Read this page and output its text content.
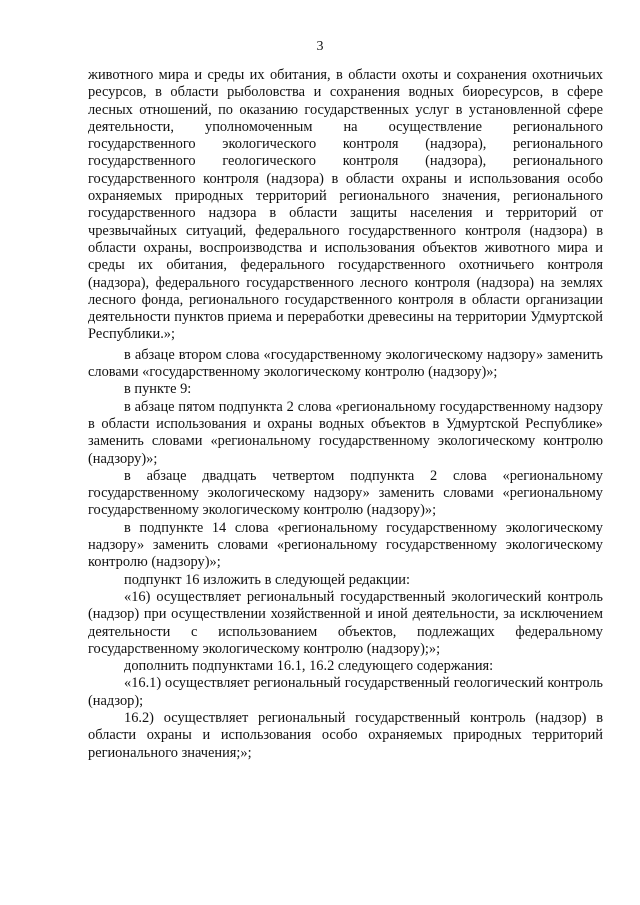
3

животного мира и среды их обитания, в области охоты и сохранения охотничьих ресурсов, в области рыболовства и сохранения водных биоресурсов, в сфере лесных отношений, по оказанию государственных услуг в установленной сфере деятельности, уполномоченным на осуществление регионального государственного экологического контроля (надзора), регионального государственного геологического контроля (надзора), регионального государственного контроля (надзора) в области охраны и использования особо охраняемых природных территорий регионального значения, регионального государственного надзора в области защиты населения и территорий от чрезвычайных ситуаций, федерального государственного контроля (надзора) в области охраны, воспроизводства и использования объектов животного мира и среды их обитания, федерального государственного охотничьего контроля (надзора), федерального государственного лесного контроля (надзора) на землях лесного фонда, регионального государственного контроля в области организации деятельности пунктов приема и переработки древесины на территории Удмуртской Республики.»;

в абзаце втором слова «государственному экологическому надзору» заменить словами «государственному экологическому контролю (надзору)»;

в пункте 9:

в абзаце пятом подпункта 2 слова «региональному государственному надзору в области использования и охраны водных объектов в Удмуртской Республике» заменить словами «региональному государственному экологическому контролю (надзору)»;

в абзаце двадцать четвертом подпункта 2 слова «региональному государственному экологическому надзору» заменить словами «региональному государственному экологическому контролю (надзору)»;

в подпункте 14 слова «региональному государственному экологическому надзору» заменить словами «региональному государственному экологическому контролю (надзору)»;

подпункт 16 изложить в следующей редакции:

«16) осуществляет региональный государственный экологический контроль (надзор) при осуществлении хозяйственной и иной деятельности, за исключением деятельности с использованием объектов, подлежащих федеральному государственному экологическому контролю (надзору);»;

дополнить подпунктами 16.1, 16.2 следующего содержания:

«16.1) осуществляет региональный государственный геологический контроль (надзор);

16.2) осуществляет региональный государственный контроль (надзор) в области охраны и использования особо охраняемых природных территорий регионального значения;»;
